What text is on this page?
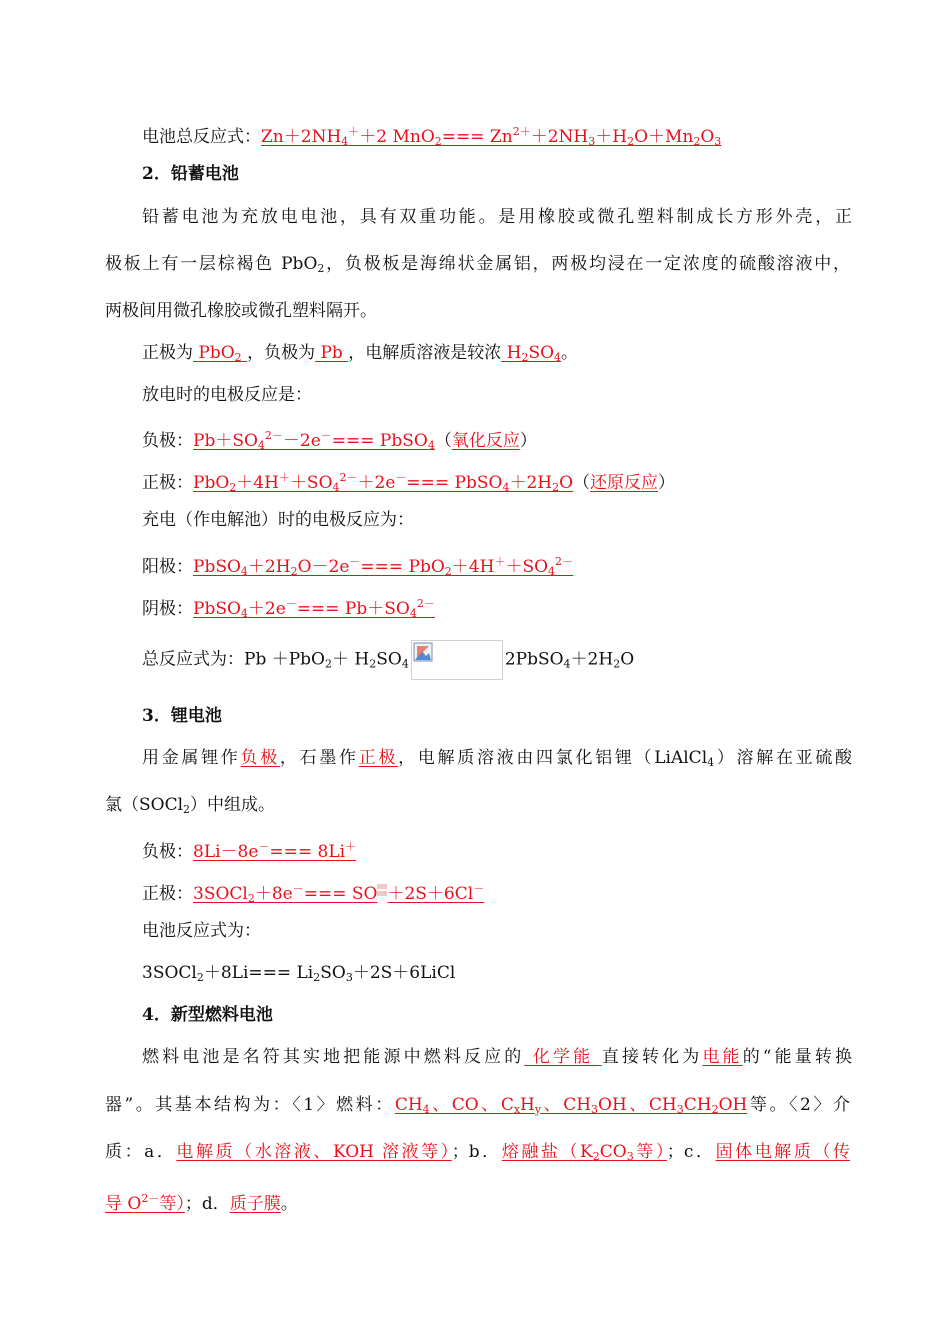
电池总反应式：$Zn+2NH_4^++2$ $MnO_2=== Zn^{2+}+2NH_3+H_2O+Mn_2O_3$
2．铅蓄电池
铅蓄电池为充放电电池，具有双重功能。是用橡胶或微孔塑料制成长方形外壳，正
极板上有一层棕褐色 PbO$_2$，负极板是海绵状金属铝，两极均浸在一定浓度的硫酸溶液中，
两极间用微孔橡胶或微孔塑料隔开。
正极为 PbO$_2$ ，负极为 Pb ，电解质溶液是较浓 $H_2SO_4$。
放电时的电极反应是：
负极：$Pb+SO_4^{2-}-2e^-===$ PbSO$_4$（氧化反应）
正极：$PbO_2+4H^++SO_4^{2-}+2e^-===$ $PbSO_4+2H_2O$（还原反应）
充电（作电解池）时的电极反应为：
阳极：$PbSO_4+2H_2O-2e^-=== PbO_2+4H^++SO_4^{2-}$
阴极：PbSO$_4$＋2e－=== $Pb+SO_4^{2-}$
总反应式为：$Pb +PbO_2+ H_2SO_4$	$2PbSO_4+2H_2O$
3．锂电池
用金属锂作负极，石墨作正极，电解质溶液由四氯化铝锂（LiAlCl$_4$）溶解在亚硫酸
氯（SOCl$_2$）中组成。
负极：8Li－8e－=== 8Li＋
正极：3SOCl$_2$＋8e－=== SO ＋2S＋6Cl－
电池反应式为：
3SOCl$_2$＋8Li=== $Li_2SO_3+2S+6LiCl$
4．新型燃料电池
燃料电池是名符其实地把能源中燃料反应的 化学能 直接转化为电能的“能量转换
器”。其基本结构为：〈1〉燃料：$CH_4$、CO、$C_xH_y$、$CH_3OH$、$CH_3CH_2OH$等。〈2〉介
质：a．电解质（水溶液、KOH 溶液等）；b．熔融盐（$K_2CO_3$等）；c．固体电解质（传
导 $O^{2-}$等）；d．质子膜。
